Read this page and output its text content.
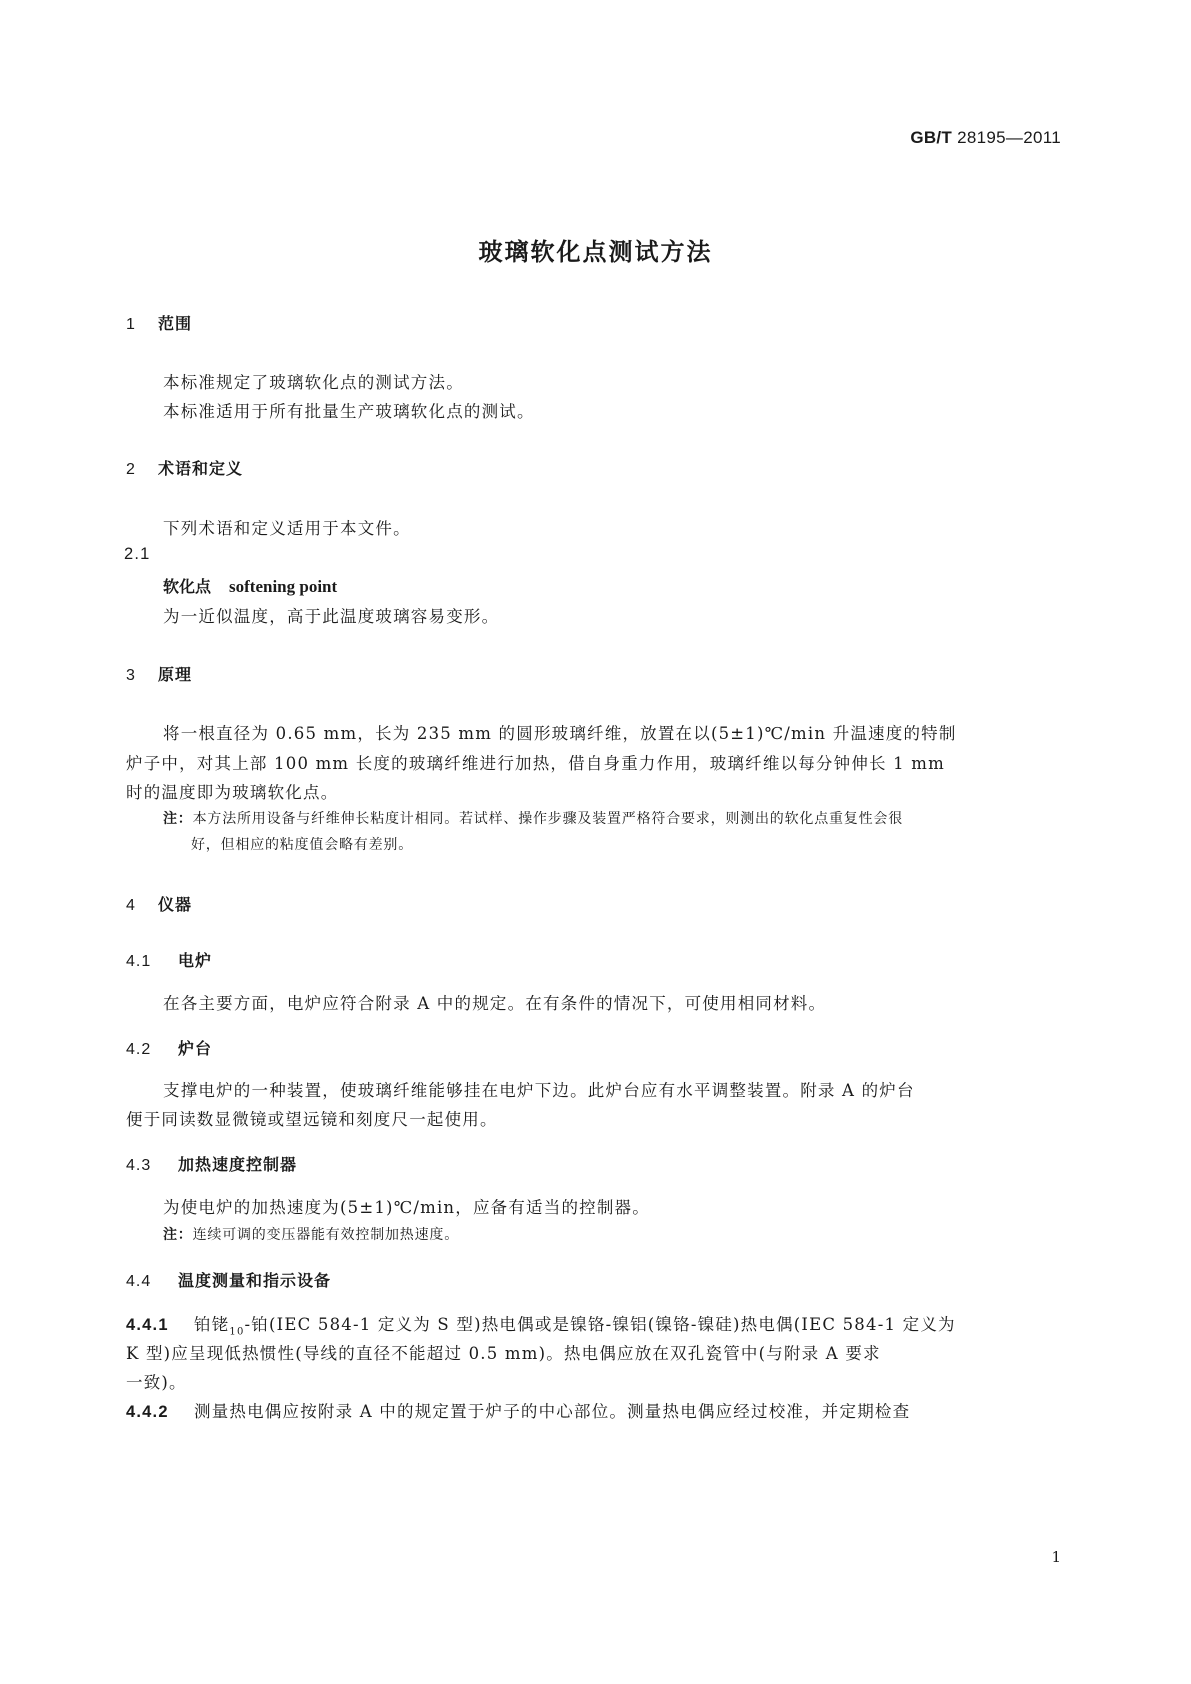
GB/T 28195—2011
玻璃软化点测试方法
1 范围
本标准规定了玻璃软化点的测试方法。
本标准适用于所有批量生产玻璃软化点的测试。
2 术语和定义
下列术语和定义适用于本文件。
2.1
软化点 softening point
为一近似温度，高于此温度玻璃容易变形。
3 原理
将一根直径为 0.65 mm，长为 235 mm 的圆形玻璃纤维，放置在以(5±1)℃/min 升温速度的特制
炉子中，对其上部 100 mm 长度的玻璃纤维进行加热，借自身重力作用，玻璃纤维以每分钟伸长 1 mm
时的温度即为玻璃软化点。
注：本方法所用设备与纤维伸长粘度计相同。若试样、操作步骤及装置严格符合要求，则测出的软化点重复性会很
好，但相应的粘度值会略有差别。
4 仪器
4.1 电炉
在各主要方面，电炉应符合附录 A 中的规定。在有条件的情况下，可使用相同材料。
4.2 炉台
支撑电炉的一种装置，使玻璃纤维能够挂在电炉下边。此炉台应有水平调整装置。附录 A 的炉台
便于同读数显微镜或望远镜和刻度尺一起使用。
4.3 加热速度控制器
为使电炉的加热速度为(5±1)℃/min，应备有适当的控制器。
注：连续可调的变压器能有效控制加热速度。
4.4 温度测量和指示设备
4.4.1 铂铑$_{10}$-铂(IEC 584-1 定义为 S 型)热电偶或是镍铬-镍铝(镍铬-镍硅)热电偶(IEC 584-1 定义为
K 型)应呈现低热惯性(导线的直径不能超过 0.5 mm)。热电偶应放在双孔瓷管中(与附录 A 要求
一致)。
4.4.2 测量热电偶应按附录 A 中的规定置于炉子的中心部位。测量热电偶应经过校准，并定期检查
1
